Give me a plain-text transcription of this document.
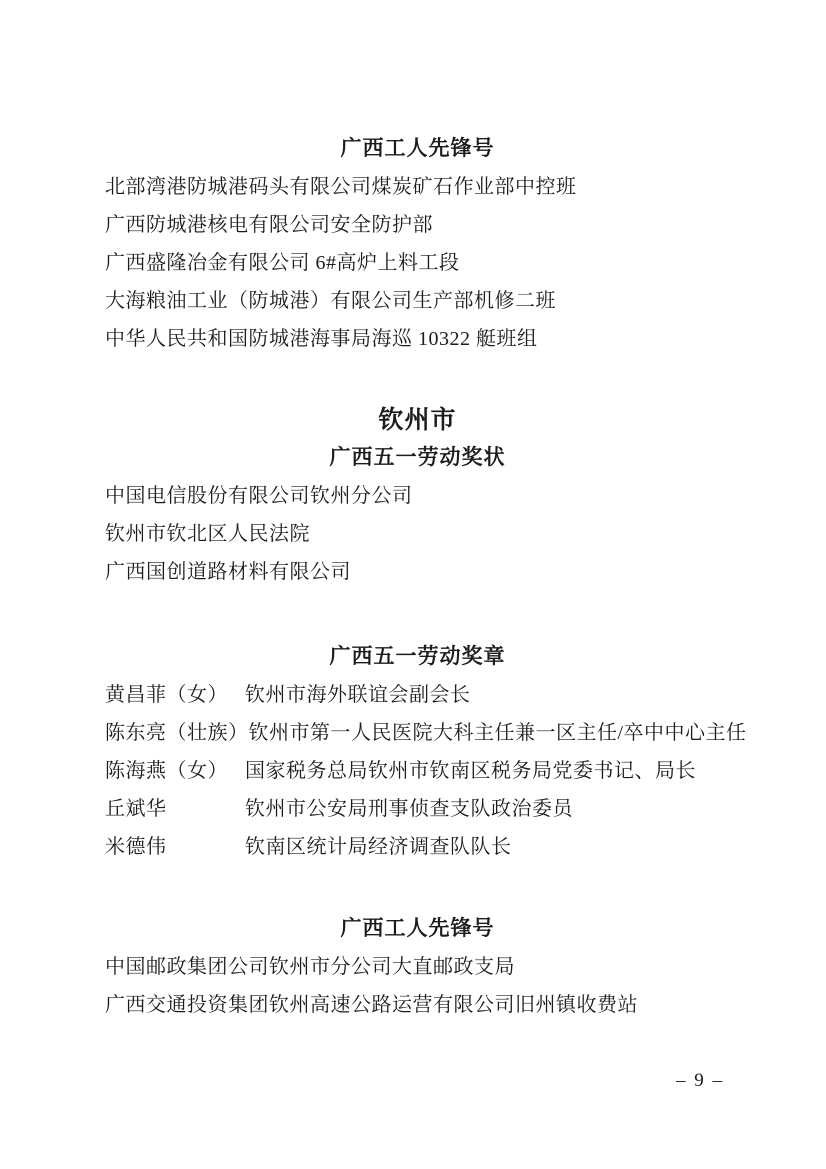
广西工人先锋号
北部湾港防城港码头有限公司煤炭矿石作业部中控班
广西防城港核电有限公司安全防护部
广西盛隆冶金有限公司 6#高炉上料工段
大海粮油工业（防城港）有限公司生产部机修二班
中华人民共和国防城港海事局海巡 10322 艇班组
钦州市
广西五一劳动奖状
中国电信股份有限公司钦州分公司
钦州市钦北区人民法院
广西国创道路材料有限公司
广西五一劳动奖章
黄昌菲（女） 钦州市海外联谊会副会长
陈东亮（壮族） 钦州市第一人民医院大科主任兼一区主任/卒中中心主任
陈海燕（女） 国家税务总局钦州市钦南区税务局党委书记、局长
丘斌华	钦州市公安局刑事侦查支队政治委员
米德伟	钦南区统计局经济调查队队长
广西工人先锋号
中国邮政集团公司钦州市分公司大直邮政支局
广西交通投资集团钦州高速公路运营有限公司旧州镇收费站
– 9 –
